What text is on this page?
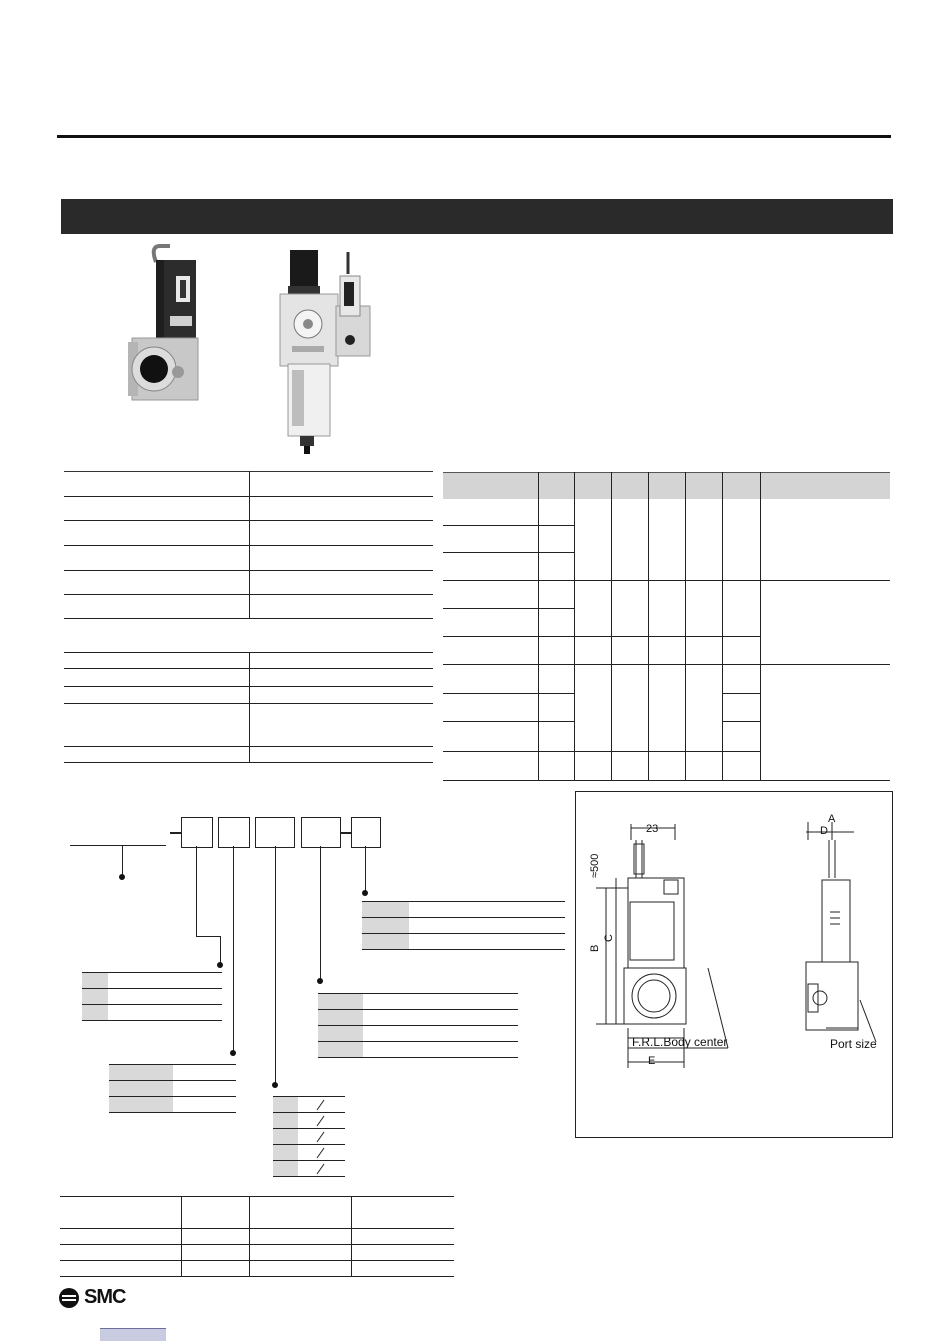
23
≈500
B
C
E
A
D
F.R.L.Body center	Port size
SMC
